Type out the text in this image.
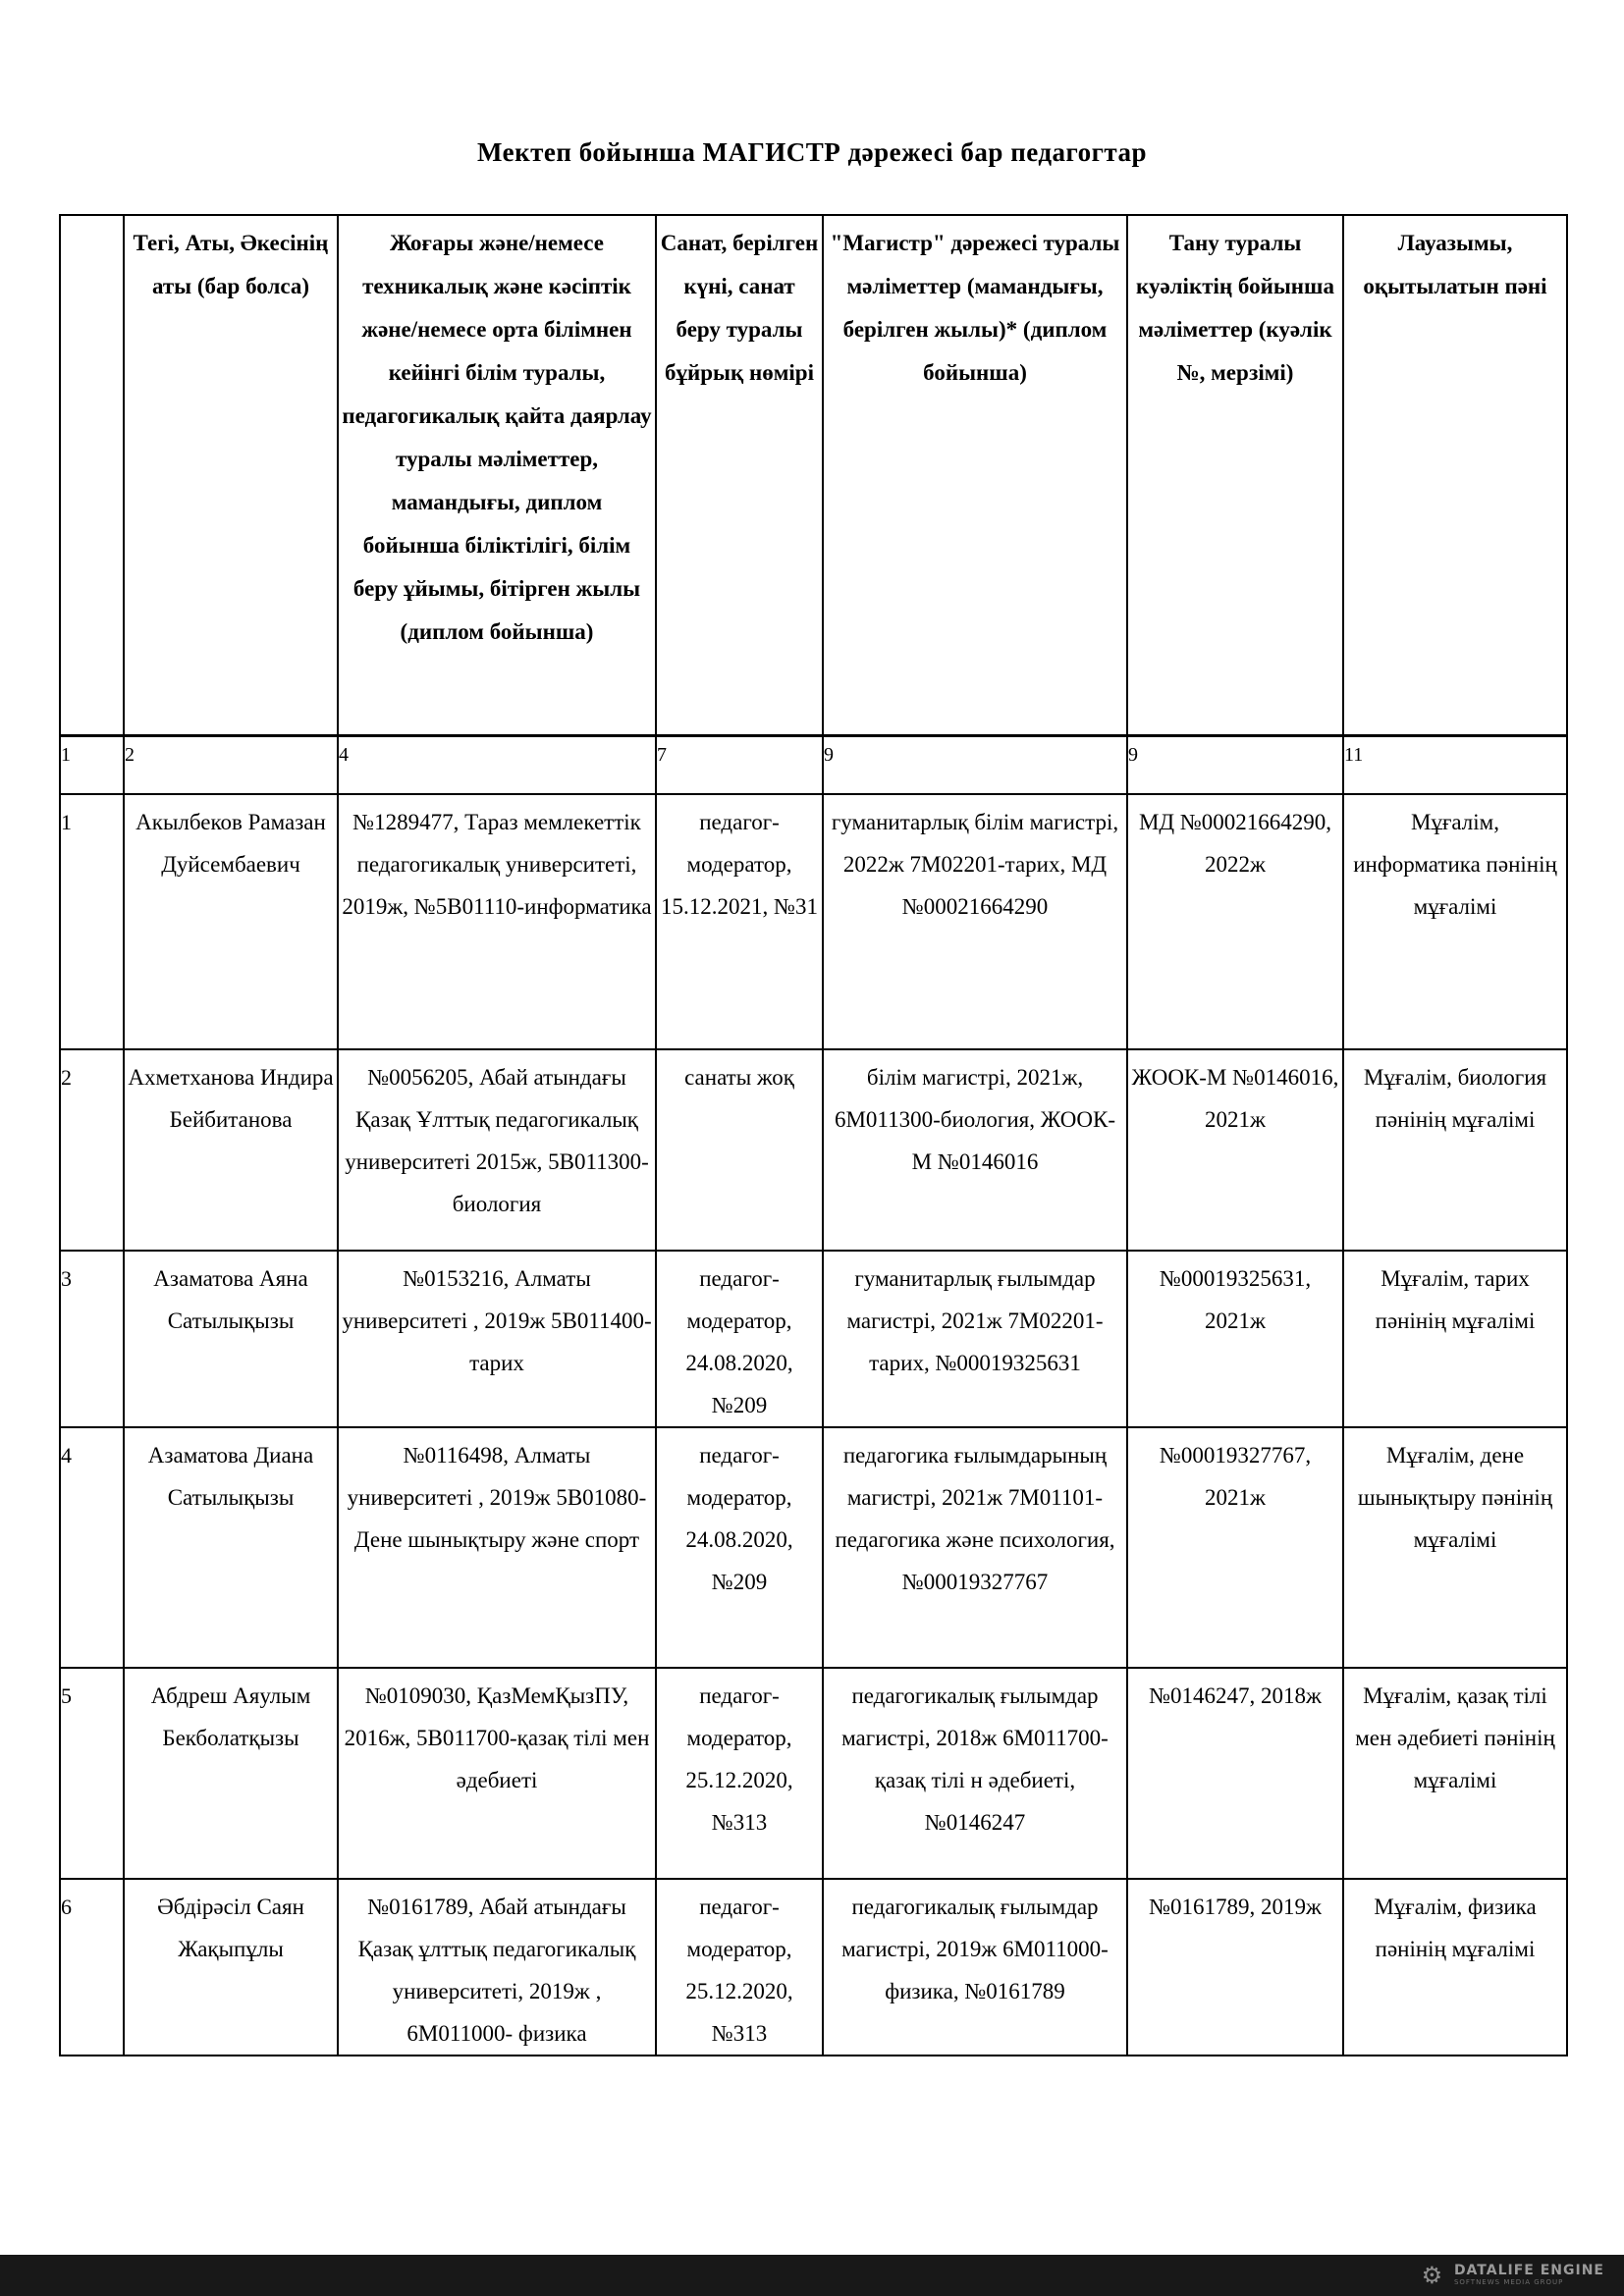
Мектеп бойынша МАГИСТР дәрежесі бар педагогтар
	Тегі, Аты, Әкесінің аты (бар болса)	Жоғары және/немесе техникалық және кәсіптік және/немесе орта білімнен кейінгі білім туралы, педагогикалық қайта даярлау туралы мәліметтер, мамандығы, диплом бойынша біліктілігі, білім беру ұйымы, бітірген жылы (диплом бойынша)	Санат, берілген күні, санат беру туралы бұйрық нөмірі	"Магистр" дәрежесі туралы мәліметтер (мамандығы, берілген жылы)* (диплом бойынша)	Тану туралы куәліктің бойынша мәліметтер (куәлік №, мерзімі)	Лауазымы, оқытылатын пәні
1	2	4	7	9	9	11
1	Акылбеков Рамазан Дуйсембаевич	№1289477, Тараз мемлекеттік педагогикалық университеті, 2019ж, №5В01110-информатика	педагог-модератор, 15.12.2021, №31	гуманитарлық білім магистрі, 2022ж 7М02201-тарих, МД №00021664290	МД №00021664290, 2022ж	Мұғалім, информатика пәнінің мұғалімі
2	Ахметханова Индира Бейбитанова	№0056205, Абай атындағы Қазақ Ұлттық педагогикалық университеті 2015ж, 5В011300-биология	санаты жоқ	білім магистрі, 2021ж, 6М011300-биология, ЖООК-М №0146016	ЖООК-М №0146016, 2021ж	Мұғалім, биология пәнінің мұғалімі
3	Азаматова Аяна Сатылықызы	№0153216, Алматы университеті , 2019ж 5В011400-тарих	педагог-модератор, 24.08.2020, №209	гуманитарлық ғылымдар магистрі, 2021ж 7М02201-тарих, №00019325631	№00019325631, 2021ж	Мұғалім, тарих пәнінің мұғалімі
4	Азаматова Диана Сатылықызы	№0116498, Алматы университеті , 2019ж 5В01080-Дене шынықтыру және спорт	педагог-модератор, 24.08.2020, №209	педагогика ғылымдарының магистрі, 2021ж 7М01101-педагогика және психология, №00019327767	№00019327767, 2021ж	Мұғалім, дене шынықтыру пәнінің мұғалімі
5	Абдреш Аяулым Бекболатқызы	№0109030, ҚазМемҚызПУ, 2016ж, 5В011700-қазақ тілі мен әдебиеті	педагог-модератор, 25.12.2020, №313	педагогикалық ғылымдар магистрі, 2018ж 6М011700-қазақ тілі н әдебиеті, №0146247	№0146247, 2018ж	Мұғалім, қазақ тілі мен әдебиеті пәнінің мұғалімі
6	Әбдірәсіл Саян Жақыпұлы	№0161789, Абай атындағы Қазақ ұлттық педагогикалық университеті, 2019ж , 6М011000- физика	педагог-модератор, 25.12.2020, №313	педагогикалық ғылымдар магистрі, 2019ж 6М011000-физика, №0161789	№0161789, 2019ж	Мұғалім, физика пәнінің мұғалімі
⚙ DATALIFE ENGINE
SOFTNEWS MEDIA GROUP
